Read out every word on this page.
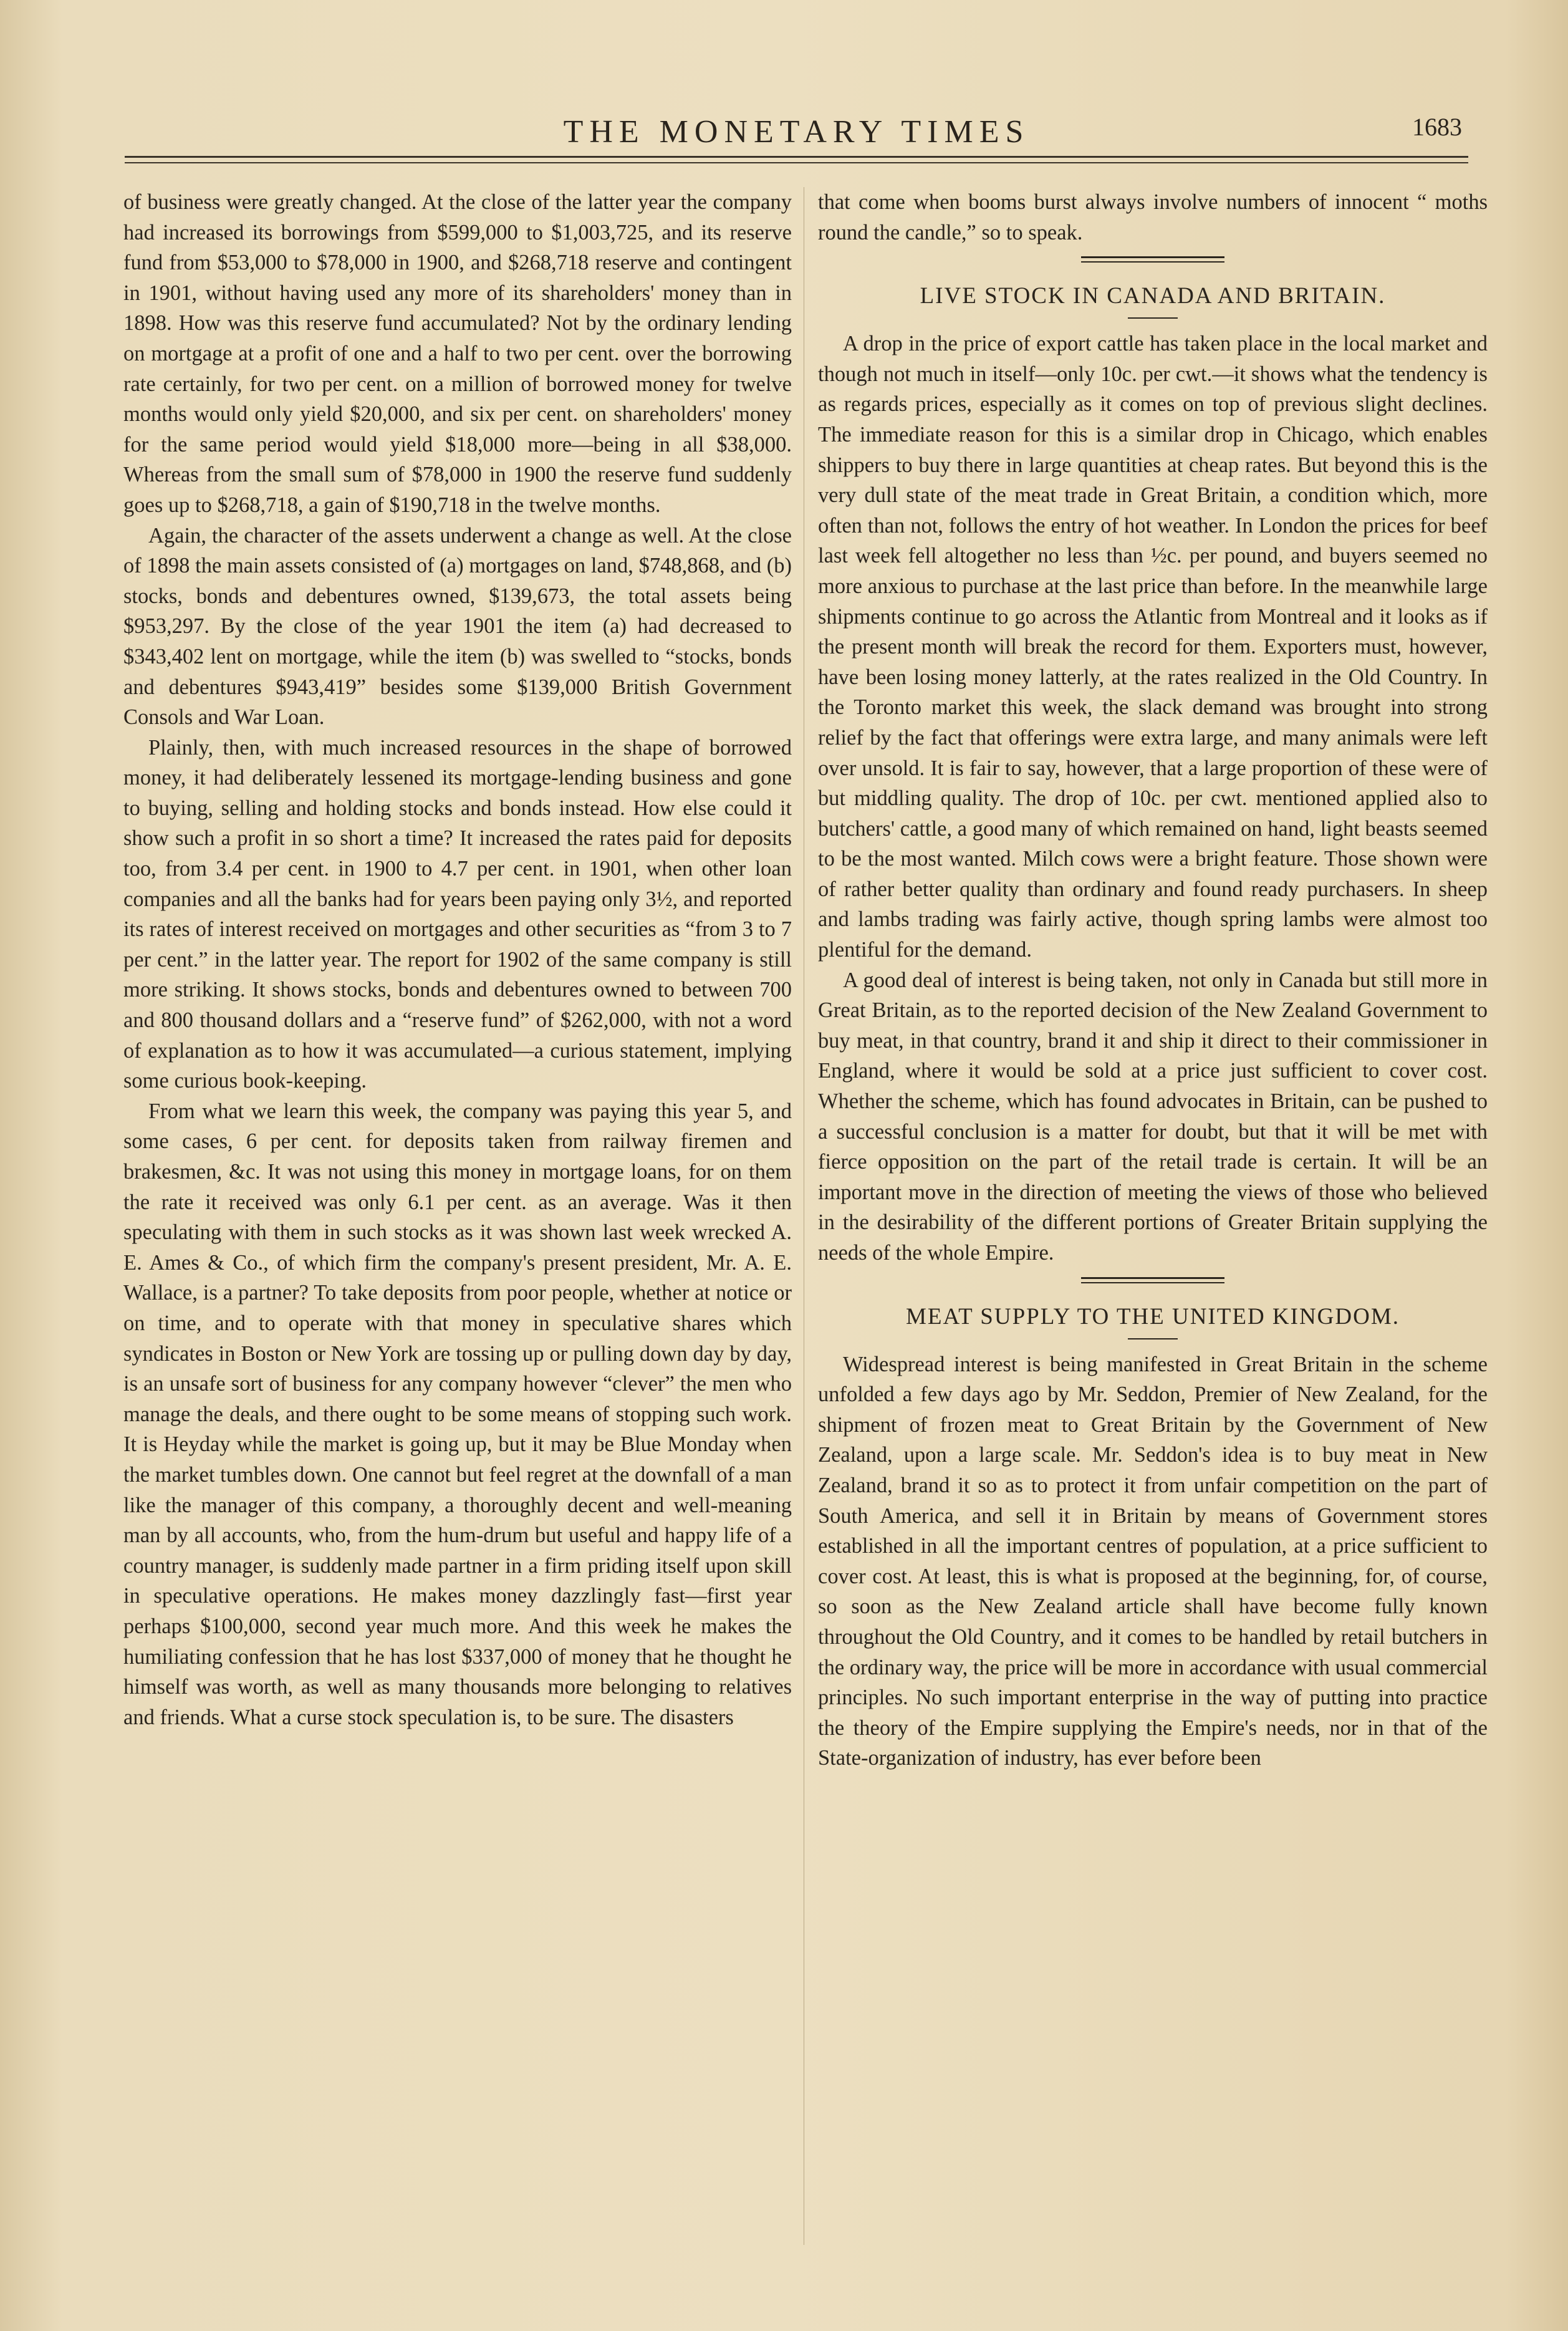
THE MONETARY TIMES	1683

of business were greatly changed. At the close of the latter year the company had increased its borrowings from $599,000 to $1,003,725, and its reserve fund from $53,000 to $78,000 in 1900, and $268,718 reserve and contingent in 1901, without having used any more of its shareholders' money than in 1898. How was this reserve fund accumulated? Not by the ordinary lending on mortgage at a profit of one and a half to two per cent. over the borrowing rate certainly, for two per cent. on a million of borrowed money for twelve months would only yield $20,000, and six per cent. on shareholders' money for the same period would yield $18,000 more—being in all $38,000. Whereas from the small sum of $78,000 in 1900 the reserve fund suddenly goes up to $268,718, a gain of $190,718 in the twelve months.

Again, the character of the assets underwent a change as well. At the close of 1898 the main assets consisted of (a) mortgages on land, $748,868, and (b) stocks, bonds and debentures owned, $139,673, the total assets being $953,297. By the close of the year 1901 the item (a) had decreased to $343,402 lent on mortgage, while the item (b) was swelled to “stocks, bonds and debentures $943,419” besides some $139,000 British Government Consols and War Loan.

Plainly, then, with much increased resources in the shape of borrowed money, it had deliberately lessened its mortgage-lending business and gone to buying, selling and holding stocks and bonds instead. How else could it show such a profit in so short a time? It increased the rates paid for deposits too, from 3.4 per cent. in 1900 to 4.7 per cent. in 1901, when other loan companies and all the banks had for years been paying only 3½, and reported its rates of interest received on mortgages and other securities as “from 3 to 7 per cent.” in the latter year. The report for 1902 of the same company is still more striking. It shows stocks, bonds and debentures owned to between 700 and 800 thousand dollars and a “reserve fund” of $262,000, with not a word of explanation as to how it was accumulated—a curious statement, implying some curious book-keeping.

From what we learn this week, the company was paying this year 5, and some cases, 6 per cent. for deposits taken from railway firemen and brakesmen, &c. It was not using this money in mortgage loans, for on them the rate it received was only 6.1 per cent. as an average. Was it then speculating with them in such stocks as it was shown last week wrecked A. E. Ames & Co., of which firm the company's present president, Mr. A. E. Wallace, is a partner? To take deposits from poor people, whether at notice or on time, and to operate with that money in speculative shares which syndicates in Boston or New York are tossing up or pulling down day by day, is an unsafe sort of business for any company however “clever” the men who manage the deals, and there ought to be some means of stopping such work. It is Heyday while the market is going up, but it may be Blue Monday when the market tumbles down. One cannot but feel regret at the downfall of a man like the manager of this company, a thoroughly decent and well-meaning man by all accounts, who, from the hum-drum but useful and happy life of a country manager, is suddenly made partner in a firm priding itself upon skill in speculative operations. He makes money dazzlingly fast—first year perhaps $100,000, second year much more. And this week he makes the humiliating confession that he has lost $337,000 of money that he thought he himself was worth, as well as many thousands more belonging to relatives and friends. What a curse stock speculation is, to be sure. The disasters

that come when booms burst always involve numbers of innocent “ moths round the candle,” so to speak.

LIVE STOCK IN CANADA AND BRITAIN.

A drop in the price of export cattle has taken place in the local market and though not much in itself—only 10c. per cwt.—it shows what the tendency is as regards prices, especially as it comes on top of previous slight declines. The immediate reason for this is a similar drop in Chicago, which enables shippers to buy there in large quantities at cheap rates. But beyond this is the very dull state of the meat trade in Great Britain, a condition which, more often than not, follows the entry of hot weather. In London the prices for beef last week fell altogether no less than ½c. per pound, and buyers seemed no more anxious to purchase at the last price than before. In the meanwhile large shipments continue to go across the Atlantic from Montreal and it looks as if the present month will break the record for them. Exporters must, however, have been losing money latterly, at the rates realized in the Old Country. In the Toronto market this week, the slack demand was brought into strong relief by the fact that offerings were extra large, and many animals were left over unsold. It is fair to say, however, that a large proportion of these were of but middling quality. The drop of 10c. per cwt. mentioned applied also to butchers' cattle, a good many of which remained on hand, light beasts seemed to be the most wanted. Milch cows were a bright feature. Those shown were of rather better quality than ordinary and found ready purchasers. In sheep and lambs trading was fairly active, though spring lambs were almost too plentiful for the demand.

A good deal of interest is being taken, not only in Canada but still more in Great Britain, as to the reported decision of the New Zealand Government to buy meat, in that country, brand it and ship it direct to their commissioner in England, where it would be sold at a price just sufficient to cover cost. Whether the scheme, which has found advocates in Britain, can be pushed to a successful conclusion is a matter for doubt, but that it will be met with fierce opposition on the part of the retail trade is certain. It will be an important move in the direction of meeting the views of those who believed in the desirability of the different portions of Greater Britain supplying the needs of the whole Empire.

MEAT SUPPLY TO THE UNITED KINGDOM.

Widespread interest is being manifested in Great Britain in the scheme unfolded a few days ago by Mr. Seddon, Premier of New Zealand, for the shipment of frozen meat to Great Britain by the Government of New Zealand, upon a large scale. Mr. Seddon's idea is to buy meat in New Zealand, brand it so as to protect it from unfair competition on the part of South America, and sell it in Britain by means of Government stores established in all the important centres of population, at a price sufficient to cover cost. At least, this is what is proposed at the beginning, for, of course, so soon as the New Zealand article shall have become fully known throughout the Old Country, and it comes to be handled by retail butchers in the ordinary way, the price will be more in accordance with usual commercial principles. No such important enterprise in the way of putting into practice the theory of the Empire supplying the Empire's needs, nor in that of the State-organization of industry, has ever before been
